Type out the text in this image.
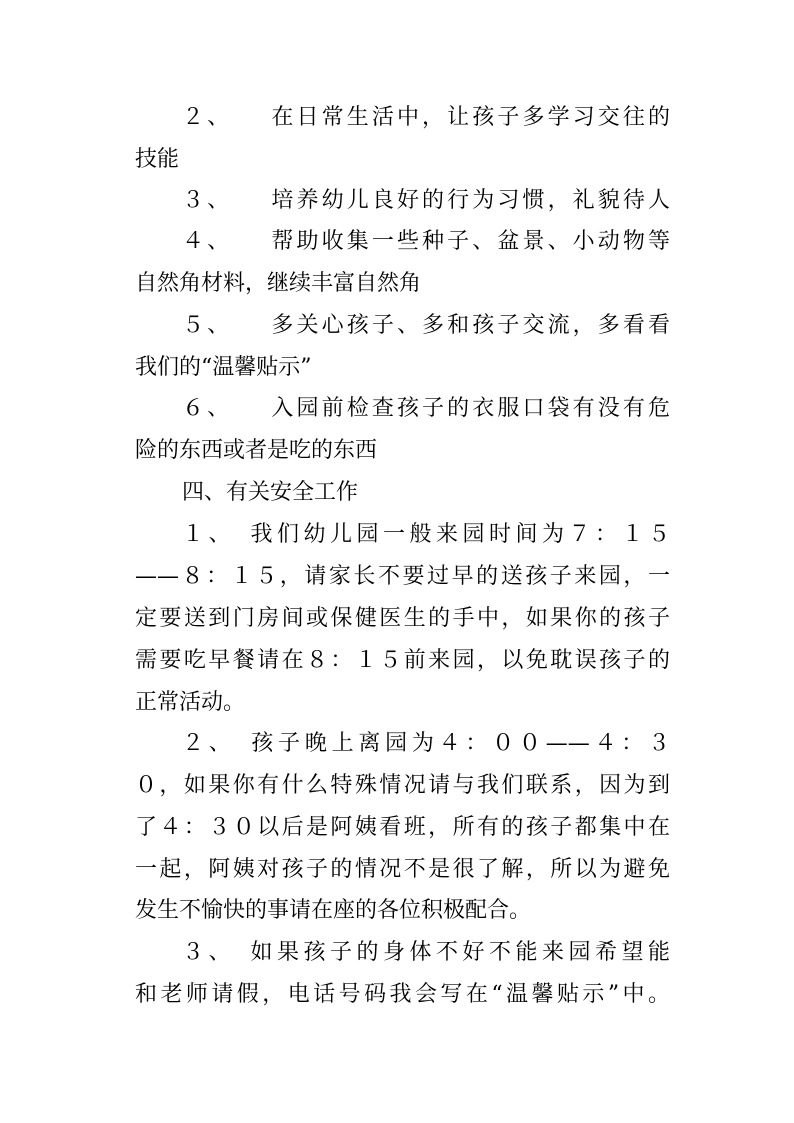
２、　　在日常生活中，让孩子多学习交往的
技能
３、　　培养幼儿良好的行为习惯，礼貌待人
４、　　帮助收集一些种子、盆景、小动物等
自然角材料，继续丰富自然角
５、　　多关心孩子、多和孩子交流，多看看
我们的“温馨贴示”
６、　　入园前检查孩子的衣服口袋有没有危
险的东西或者是吃的东西
四、有关安全工作
１、　我们幼儿园一般来园时间为７：１５
——８：１５，请家长不要过早的送孩子来园，一
定要送到门房间或保健医生的手中，如果你的孩子
需要吃早餐请在８：１５前来园，以免耽误孩子的
正常活动。
２、　孩子晚上离园为４：００——４：３
０，如果你有什么特殊情况请与我们联系，因为到
了４：３０以后是阿姨看班，所有的孩子都集中在
一起，阿姨对孩子的情况不是很了解，所以为避免
发生不愉快的事请在座的各位积极配合。
３、　如果孩子的身体不好不能来园希望能
和老师请假，电话号码我会写在“温馨贴示”中。
